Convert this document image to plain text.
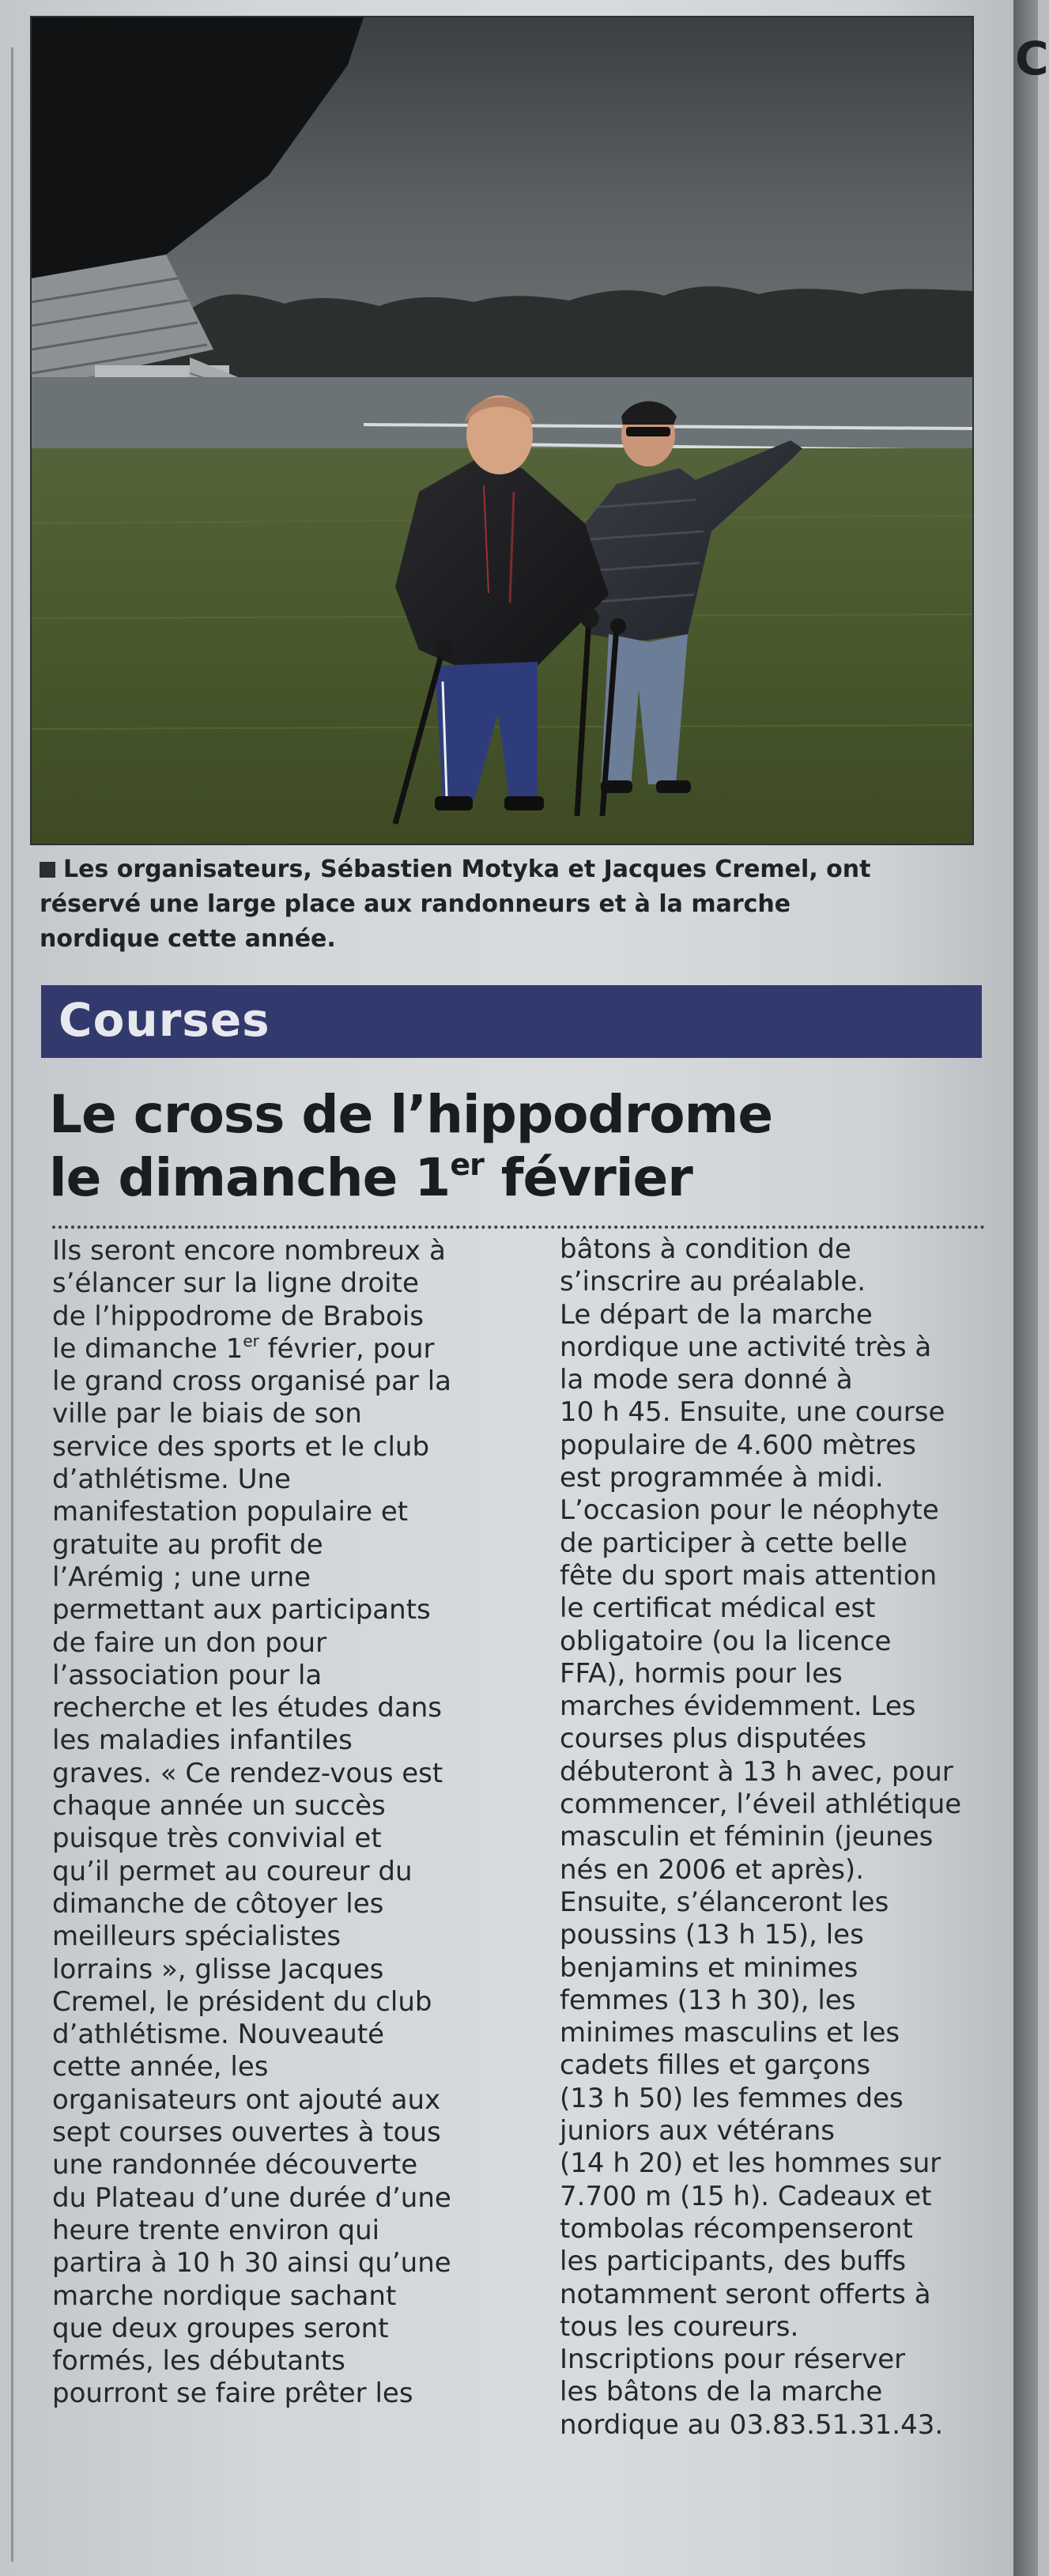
C
Les organisateurs, Sébastien Motyka et Jacques Cremel, ont
réservé une large place aux randonneurs et à la marche
nordique cette année.
Courses
Le cross de l’hippodrome
le dimanche 1er février
Ils seront encore nombreux à
s’élancer sur la ligne droite
de l’hippodrome de Brabois
le dimanche 1er février, pour
le grand cross organisé par la
ville par le biais de son
service des sports et le club
d’athlétisme. Une
manifestation populaire et
gratuite au profit de
l’Arémig ; une urne
permettant aux participants
de faire un don pour
l’association pour la
recherche et les études dans
les maladies infantiles
graves. « Ce rendez-vous est
chaque année un succès
puisque très convivial et
qu’il permet au coureur du
dimanche de côtoyer les
meilleurs spécialistes
lorrains », glisse Jacques
Cremel, le président du club
d’athlétisme. Nouveauté
cette année, les
organisateurs ont ajouté aux
sept courses ouvertes à tous
une randonnée découverte
du Plateau d’une durée d’une
heure trente environ qui
partira à 10 h 30 ainsi qu’une
marche nordique sachant
que deux groupes seront
formés, les débutants
pourront se faire prêter les
bâtons à condition de
s’inscrire au préalable.
Le départ de la marche
nordique une activité très à
la mode sera donné à
10 h 45. Ensuite, une course
populaire de 4.600 mètres
est programmée à midi.
L’occasion pour le néophyte
de participer à cette belle
fête du sport mais attention
le certificat médical est
obligatoire (ou la licence
FFA), hormis pour les
marches évidemment. Les
courses plus disputées
débuteront à 13 h avec, pour
commencer, l’éveil athlétique
masculin et féminin (jeunes
nés en 2006 et après).
Ensuite, s’élanceront les
poussins (13 h 15), les
benjamins et minimes
femmes (13 h 30), les
minimes masculins et les
cadets filles et garçons
(13 h 50) les femmes des
juniors aux vétérans
(14 h 20) et les hommes sur
7.700 m (15 h). Cadeaux et
tombolas récompenseront
les participants, des buffs
notamment seront offerts à
tous les coureurs.
Inscriptions pour réserver
les bâtons de la marche
nordique au 03.83.51.31.43.
